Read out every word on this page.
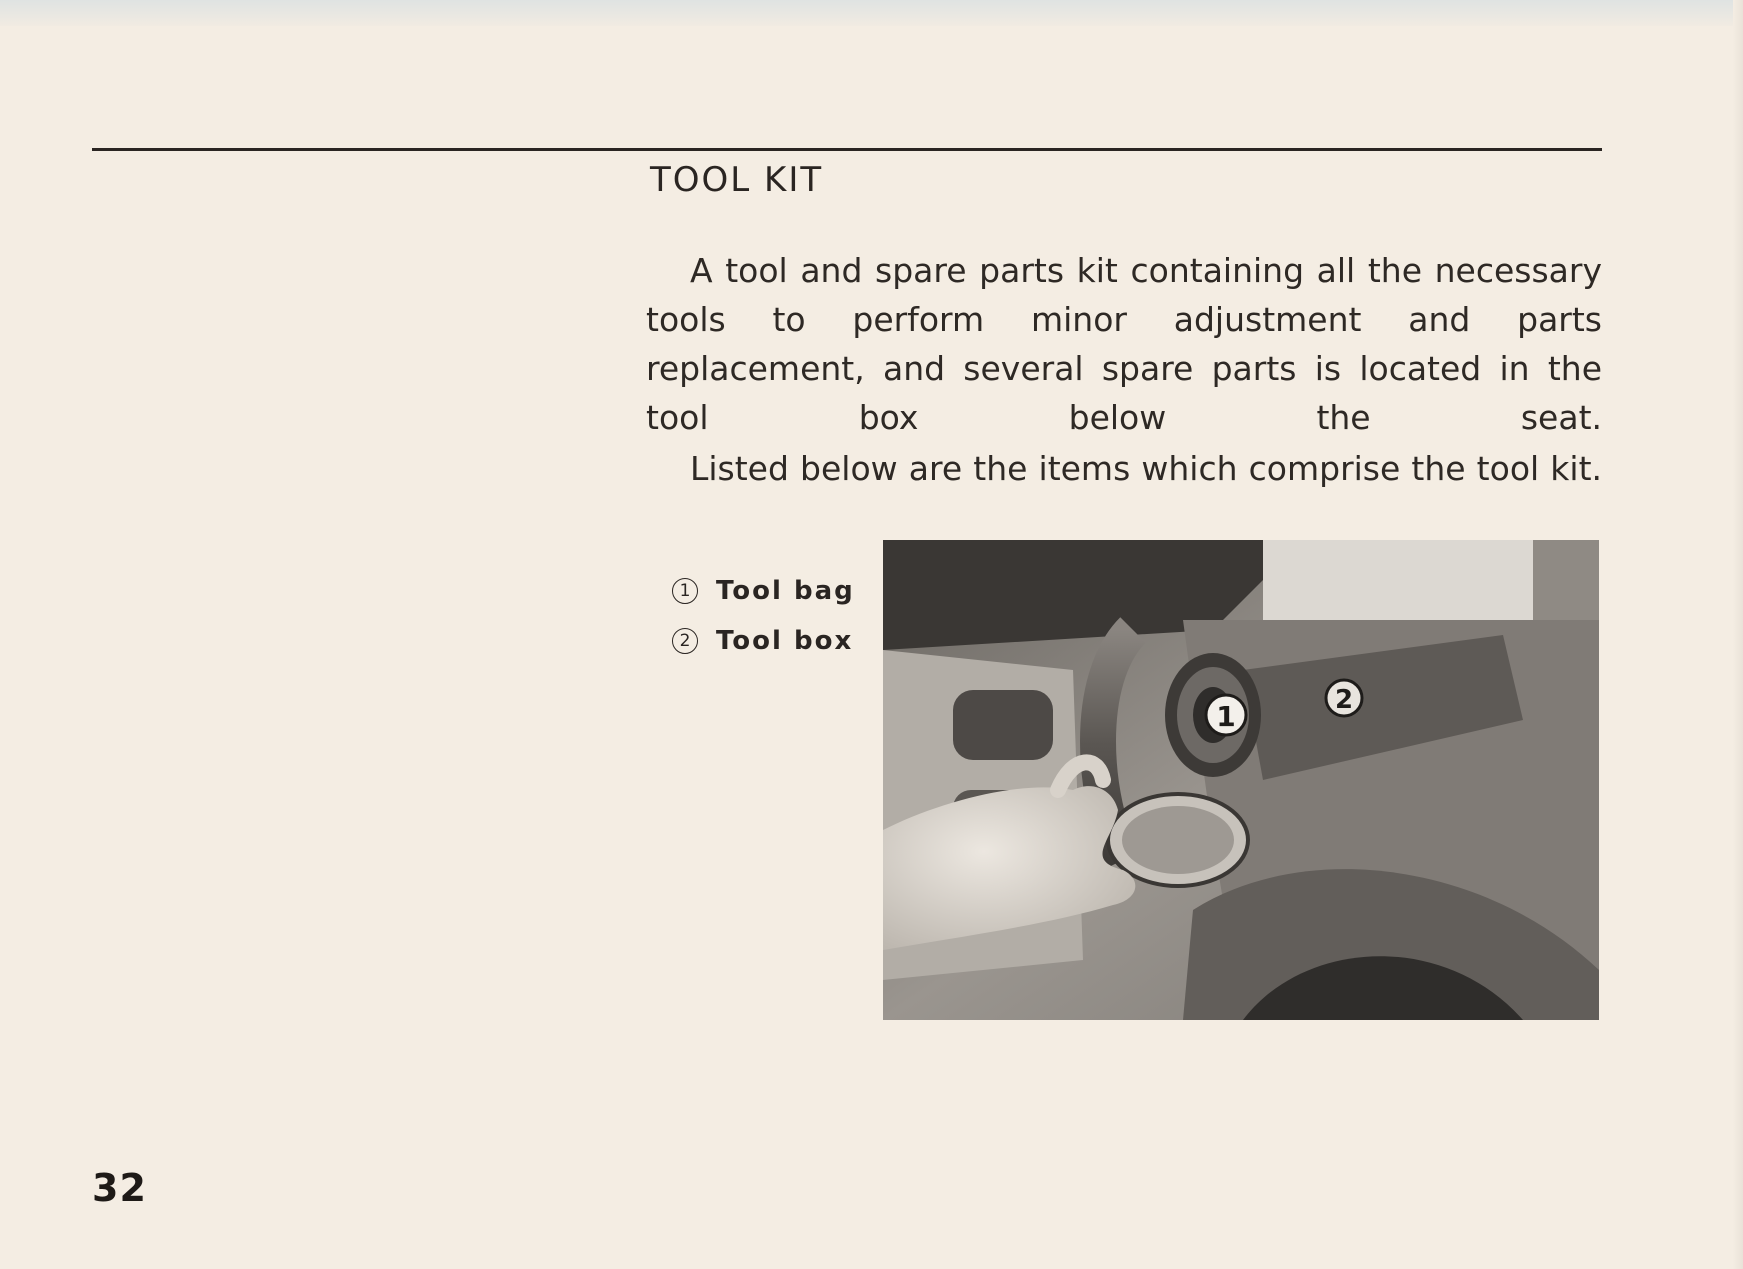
TOOL KIT

A tool and spare parts kit containing all the necessary tools to perform minor adjustment and parts replacement, and several spare parts is located in the tool box below the seat.

Listed below are the items which comprise the tool kit.

1 Tool bag
2 Tool box
1	2
32
